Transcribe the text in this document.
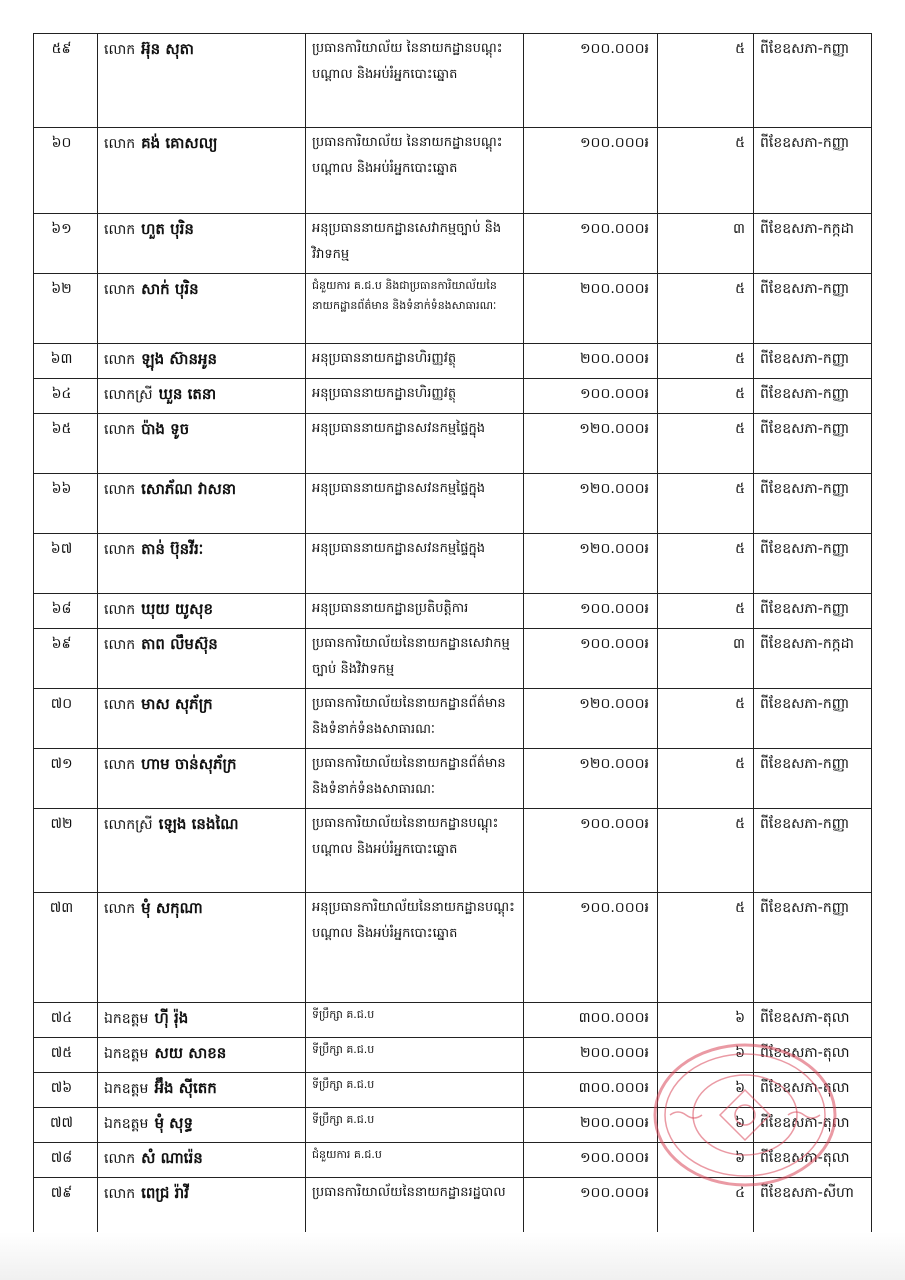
៥៩	លោក អ៊ុន សុតា	ប្រធានការិយាល័យ នៃនាយកដ្ឋានបណ្តុះបណ្តាល និងអប់រំអ្នកបោះឆ្នោត	១០០.០០០៛	៥	ពីខែឧសភា-កញ្ញា
៦០	លោក គង់ គោសល្យ	ប្រធានការិយាល័យ នៃនាយកដ្ឋានបណ្តុះបណ្តាល និងអប់រំអ្នកបោះឆ្នោត	១០០.០០០៛	៥	ពីខែឧសភា-កញ្ញា
៦១	លោក ហួត បុរិន	អនុប្រធាននាយកដ្ឋានសេវាកម្មច្បាប់ និងវិវាទកម្ម	១០០.០០០៛	៣	ពីខែឧសភា-កក្កដា
៦២	លោក សាក់ បុរិន	ជំនួយការ គ.ជ.ប និងជាប្រធានការិយាល័យនៃនាយកដ្ឋានព័ត៌មាន និងទំនាក់ទំនងសាធារណៈ	២០០.០០០៛	៥	ពីខែឧសភា-កញ្ញា
៦៣	លោក ឡុង ស៊ានអូន	អនុប្រធាននាយកដ្ឋានហិរញ្ញវត្ថុ	២០០.០០០៛	៥	ពីខែឧសភា-កញ្ញា
៦៤	លោកស្រី ឃួន តេនា	អនុប្រធាននាយកដ្ឋានហិរញ្ញវត្ថុ	១០០.០០០៛	៥	ពីខែឧសភា-កញ្ញា
៦៥	លោក ប៉ាង ទូច	អនុប្រធាននាយកដ្ឋានសវនកម្មផ្ទៃក្នុង	១២០.០០០៛	៥	ពីខែឧសភា-កញ្ញា
៦៦	លោក សោភ័ណ វាសនា	អនុប្រធាននាយកដ្ឋានសវនកម្មផ្ទៃក្នុង	១២០.០០០៛	៥	ពីខែឧសភា-កញ្ញា
៦៧	លោក តាន់ ប៊ុនវីរៈ	អនុប្រធាននាយកដ្ឋានសវនកម្មផ្ទៃក្នុង	១២០.០០០៛	៥	ពីខែឧសភា-កញ្ញា
៦៨	លោក ឃុយ យូសុខ	អនុប្រធាននាយកដ្ឋានប្រតិបត្តិការ	១០០.០០០៛	៥	ពីខែឧសភា-កញ្ញា
៦៩	លោក តាព លឹមស៊ុន	ប្រធានការិយាល័យនៃនាយកដ្ឋានសេវាកម្មច្បាប់ និងវិវាទកម្ម	១០០.០០០៛	៣	ពីខែឧសភា-កក្កដា
៧០	លោក មាស សុភ័ក្រ	ប្រធានការិយាល័យនៃនាយកដ្ឋានព័ត៌មាននិងទំនាក់ទំនងសាធារណៈ	១២០.០០០៛	៥	ពីខែឧសភា-កញ្ញា
៧១	លោក ហាម ចាន់សុភ័ក្រ	ប្រធានការិយាល័យនៃនាយកដ្ឋានព័ត៌មាននិងទំនាក់ទំនងសាធារណៈ	១២០.០០០៛	៥	ពីខែឧសភា-កញ្ញា
៧២	លោកស្រី ឡេង នេងណៃ	ប្រធានការិយាល័យនៃនាយកដ្ឋានបណ្តុះបណ្តាល និងអប់រំអ្នកបោះឆ្នោត	១០០.០០០៛	៥	ពីខែឧសភា-កញ្ញា
៧៣	លោក មុំ សកុណា	អនុប្រធានការិយាល័យនៃនាយកដ្ឋានបណ្តុះបណ្តាល និងអប់រំអ្នកបោះឆ្នោត	១០០.០០០៛	៥	ពីខែឧសភា-កញ្ញា
៧៤	ឯកឧត្តម ហ៊ី រ៉ុង	ទីប្រឹក្សា គ.ជ.ប	៣០០.០០០៛	៦	ពីខែឧសភា-តុលា
៧៥	ឯកឧត្តម សយ សាខន	ទីប្រឹក្សា គ.ជ.ប	២០០.០០០៛	៦	ពីខែឧសភា-តុលា
៧៦	ឯកឧត្តម អ៊ឹង ស៊ីតេក	ទីប្រឹក្សា គ.ជ.ប	៣០០.០០០៛	៦	ពីខែឧសភា-តុលា
៧៧	ឯកឧត្តម មុំ សុទ្ធ	ទីប្រឹក្សា គ.ជ.ប	២០០.០០០៛	៦	ពីខែឧសភា-តុលា
៧៨	លោក សំ ណារ៉េន	ជំនួយការ គ.ជ.ប	១០០.០០០៛	៦	ពីខែឧសភា-តុលា
៧៩	លោក ពេជ្រ រ៉ាវី	ប្រធានការិយាល័យនៃនាយកដ្ឋានរដ្ឋបាល	១០០.០០០៛	៤	ពីខែឧសភា-សីហា
